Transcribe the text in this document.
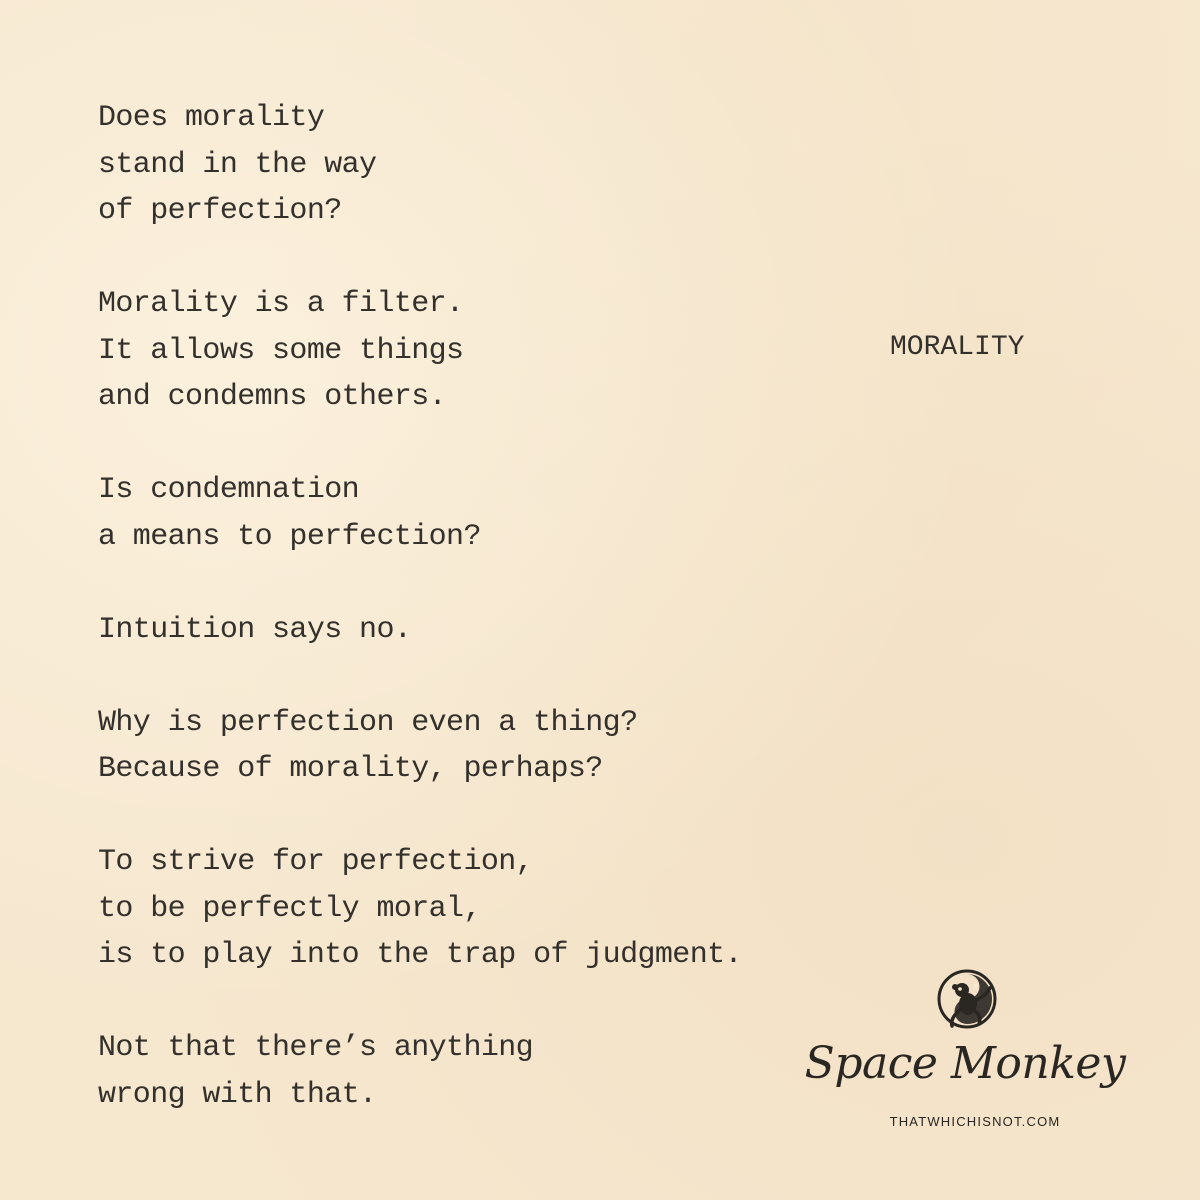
Does morality
stand in the way
of perfection?
Morality is a filter.
It allows some things
and condemns others.
Is condemnation
a means to perfection?
Intuition says no.
Why is perfection even a thing?
Because of morality, perhaps?
To strive for perfection,
to be perfectly moral,
is to play into the trap of judgment.
Not that there’s anything
wrong with that.
MORALITY
Space Monkey
THATWHICHISNOT.COM
